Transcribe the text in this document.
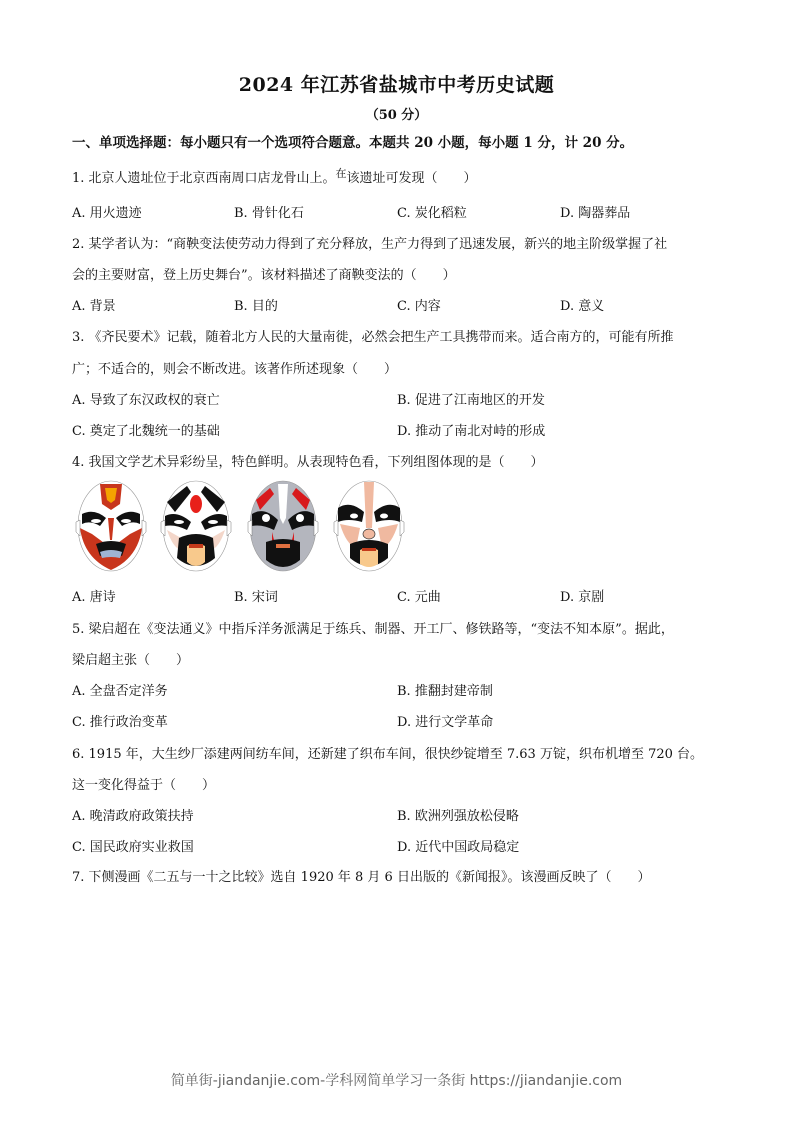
2024 年江苏省盐城市中考历史试题
（50 分）
一、单项选择题：每小题只有一个选项符合题意。本题共 20 小题，每小题 1 分，计 20 分。
1. 北京人遗址位于北京西南周口店龙骨山上。$^在$该遗址可发现（　　）
A. 用火遗迹	B. 骨针化石	C. 炭化稻粒	D. 陶器葬品
2. 某学者认为：“商鞅变法使劳动力得到了充分释放，生产力得到了迅速发展，新兴的地主阶级掌握了社
会的主要财富，登上历史舞台”。该材料描述了商鞅变法的（　　）
A. 背景	B. 目的	C. 内容	D. 意义
3. 《齐民要术》记载，随着北方人民的大量南徙，必然会把生产工具携带而来。适合南方的，可能有所推
广；不适合的，则会不断改进。该著作所述现象（　　）
A. 导致了东汉政权的衰亡	B. 促进了江南地区的开发
C. 奠定了北魏统一的基础	D. 推动了南北对峙的形成
4. 我国文学艺术异彩纷呈，特色鲜明。从表现特色看，下列组图体现的是（　　）
A. 唐诗	B. 宋词	C. 元曲	D. 京剧
5. 梁启超在《变法通义》中指斥洋务派满足于练兵、制器、开工厂、修铁路等，“变法不知本原”。据此，
梁启超主张（　　）
A. 全盘否定洋务	B. 推翻封建帝制
C. 推行政治变革	D. 进行文学革命
6. 1915 年，大生纱厂添建两间纺车间，还新建了织布车间，很快纱锭增至 7.63 万锭，织布机增至 720 台。
这一变化得益于（　　）
A. 晚清政府政策扶持	B. 欧洲列强放松侵略
C. 国民政府实业救国	D. 近代中国政局稳定
7. 下侧漫画《二五与一十之比较》选自 1920 年 8 月 6 日出版的《新闻报》。该漫画反映了（　　）
简单街-jiandanjie.com-学科网简单学习一条街 https://jiandanjie.com
